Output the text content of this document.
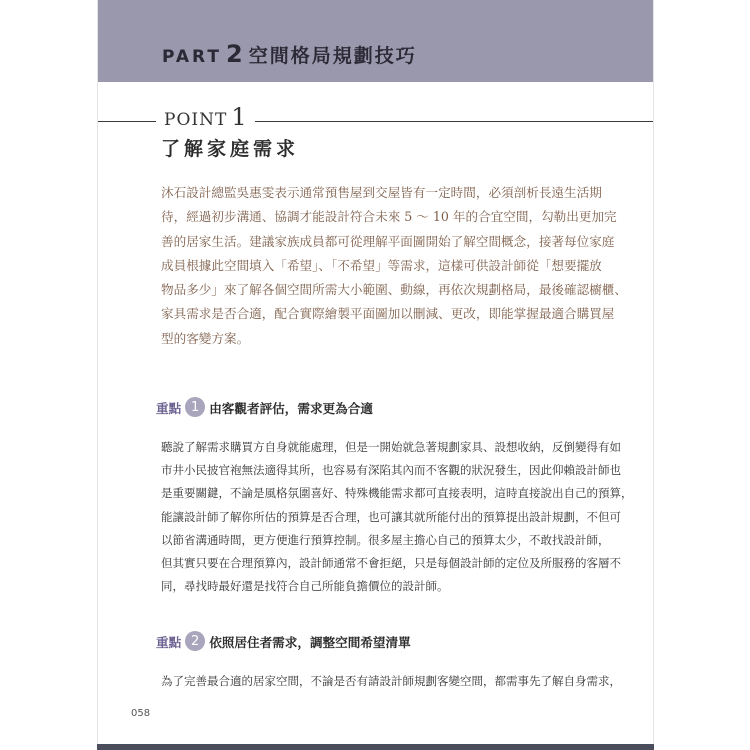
PART 2 空間格局規劃技巧
POINT 1
了解家庭需求

沐石設計總監吳惠雯表示通常預售屋到交屋皆有一定時間，必須剖析長遠生活期
待，經過初步溝通、協調才能設計符合未來 5 ～ 10 年的合宜空間，勾勒出更加完
善的居家生活。建議家族成員都可從理解平面圖開始了解空間概念，接著每位家庭
成員根據此空間填入「希望」、「不希望」等需求，這樣可供設計師從「想要擺放
物品多少」來了解各個空間所需大小範圍、動線，再依次規劃格局，最後確認櫥櫃、
家具需求是否合適，配合實際繪製平面圖加以刪減、更改，即能掌握最適合購買屋
型的客變方案。

重點 1 由客觀者評估，需求更為合適

聽說了解需求購買方自身就能處理，但是一開始就急著規劃家具、設想收納，反倒變得有如
市井小民披官袍無法適得其所，也容易有深陷其內而不客觀的狀況發生，因此仰賴設計師也
是重要關鍵，不論是風格氛圍喜好、特殊機能需求都可直接表明，這時直接說出自己的預算，
能讓設計師了解你所估的預算是否合理，也可讓其就所能付出的預算提出設計規劃，不但可
以節省溝通時間，更方便進行預算控制。很多屋主擔心自己的預算太少，不敢找設計師，
但其實只要在合理預算內，設計師通常不會拒絕，只是每個設計師的定位及所服務的客層不
同，尋找時最好還是找符合自己所能負擔價位的設計師。

重點 2 依照居住者需求，調整空間希望清單

為了完善最合適的居家空間，不論是否有請設計師規劃客變空間，都需事先了解自身需求，

058
